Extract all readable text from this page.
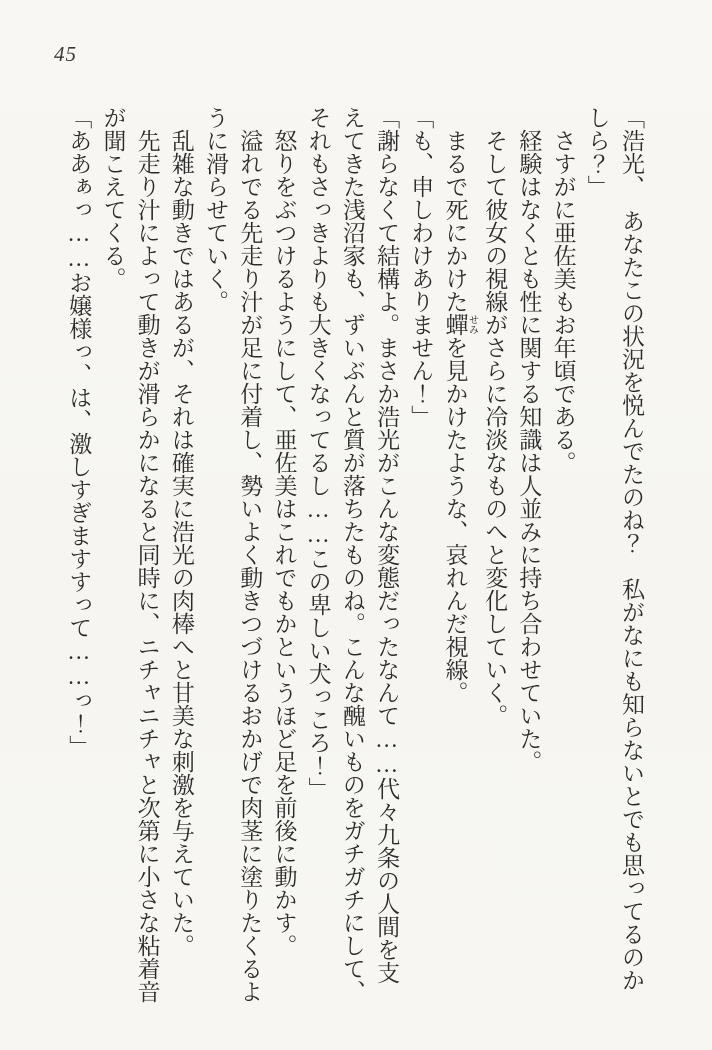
45

「浩光、　あなたこの状況を悦んでたのね？　私がなにも知らないとでも思ってるのかしら？」

さすがに亜佐美もお年頃である。

経験はなくとも性に関する知識は人並みに持ち合わせていた。

そして彼女の視線がさらに冷淡なものへと変化していく。

まるで死にかけた蟬 せみを見かけたような、哀れんだ視線。

「も、申しわけありません！」

「謝らなくて結構よ。まさか浩光がこんな変態だったなんて……代々九条の人間を支えてきた浅沼家も、ずいぶんと質が落ちたものね。こんな醜いものをガチガチにして、それもさっきよりも大きくなってるし……この卑しい犬っころ！」

怒りをぶつけるようにして、亜佐美はこれでもかというほど足を前後に動かす。

溢れでる先走り汁が足に付着し、勢いよく動きつづけるおかげで肉茎に塗りたくるように滑らせていく。

乱雑な動きではあるが、それは確実に浩光の肉棒へと甘美な刺激を与えていた。

先走り汁によって動きが滑らかになると同時に、ニチャニチャと次第に小さな粘着音が聞こえてくる。

「ああぁっ……お嬢様っ、は、激しすぎますすって……っ！」
